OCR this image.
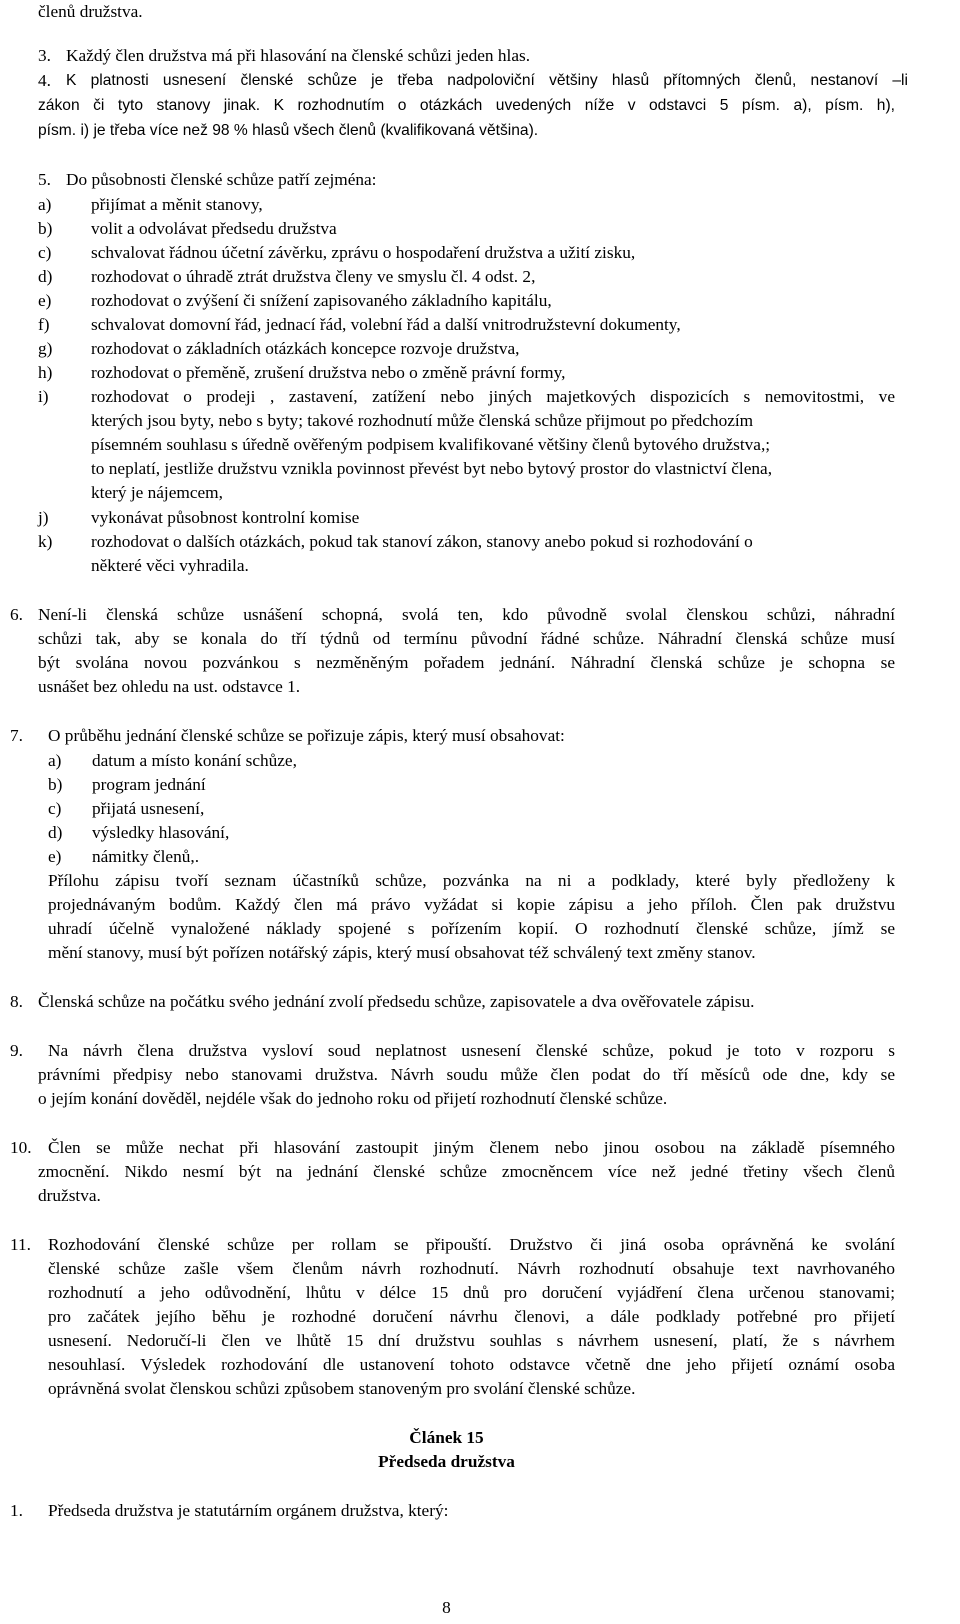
členů družstva.
3. Každý člen družstva má při hlasování na členské schůzi jeden hlas.
4. K platnosti usnesení členské schůze je třeba nadpoloviční většiny hlasů přítomných členů, nestanoví –li
zákon či tyto stanovy jinak. K rozhodnutím o otázkách uvedených níže v odstavci 5 písm. a), písm. h),
písm. i) je třeba více než 98 % hlasů všech členů (kvalifikovaná většina).
5. Do působnosti členské schůze patří zejména:
a) přijímat a měnit stanovy,
b) volit a odvolávat předsedu družstva
c) schvalovat řádnou účetní závěrku, zprávu o hospodaření družstva a užití zisku,
d) rozhodovat o úhradě ztrát družstva členy ve smyslu čl. 4 odst. 2,
e) rozhodovat o zvýšení či snížení zapisovaného základního kapitálu,
f) schvalovat domovní řád, jednací řád, volební řád a další vnitrodružstevní dokumenty,
g) rozhodovat o základních otázkách koncepce rozvoje družstva,
h) rozhodovat o přeměně, zrušení družstva nebo o změně právní formy,
i) rozhodovat o prodeji , zastavení, zatížení nebo jiných majetkových dispozicích s nemovitostmi, ve
kterých jsou byty, nebo s byty; takové rozhodnutí může členská schůze přijmout po předchozím
písemném souhlasu s úředně ověřeným podpisem kvalifikované většiny členů bytového družstva,;
to neplatí, jestliže družstvu vznikla povinnost převést byt nebo bytový prostor do vlastnictví člena,
který je nájemcem,
j) vykonávat působnost kontrolní komise
k) rozhodovat o dalších otázkách, pokud tak stanoví zákon, stanovy anebo pokud si rozhodování o
některé věci vyhradila.
6. Není-li členská schůze usnášení schopná, svolá ten, kdo původně svolal členskou schůzi, náhradní
schůzi tak, aby se konala do tří týdnů od termínu původní řádné schůze. Náhradní členská schůze musí
být svolána novou pozvánkou s nezměněným pořadem jednání. Náhradní členská schůze je schopna se
usnášet bez ohledu na ust. odstavce 1.
7. O průběhu jednání členské schůze se pořizuje zápis, který musí obsahovat:
a) datum a místo konání schůze,
b) program jednání
c) přijatá usnesení,
d) výsledky hlasování,
e) námitky členů,.
Přílohu zápisu tvoří seznam účastníků schůze, pozvánka na ni a podklady, které byly předloženy k
projednávaným bodům. Každý člen má právo vyžádat si kopie zápisu a jeho příloh. Člen pak družstvu
uhradí účelně vynaložené náklady spojené s pořízením kopií. O rozhodnutí členské schůze, jímž se
mění stanovy, musí být pořízen notářský zápis, který musí obsahovat též schválený text změny stanov.
8. Členská schůze na počátku svého jednání zvolí předsedu schůze, zapisovatele a dva ověřovatele zápisu.
9. Na návrh člena družstva vysloví soud neplatnost usnesení členské schůze, pokud je toto v rozporu s
právními předpisy nebo stanovami družstva. Návrh soudu může člen podat do tří měsíců ode dne, kdy se
o jejím konání dověděl, nejdéle však do jednoho roku od přijetí rozhodnutí členské schůze.
10. Člen se může nechat při hlasování zastoupit jiným členem nebo jinou osobou na základě písemného
zmocnění. Nikdo nesmí být na jednání členské schůze zmocněncem více než jedné třetiny všech členů
družstva.
11. Rozhodování členské schůze per rollam se připouští. Družstvo či jiná osoba oprávněná ke svolání
členské schůze zašle všem členům návrh rozhodnutí. Návrh rozhodnutí obsahuje text navrhovaného
rozhodnutí a jeho odůvodnění, lhůtu v délce 15 dnů pro doručení vyjádření člena určenou stanovami;
pro začátek jejího běhu je rozhodné doručení návrhu členovi, a dále podklady potřebné pro přijetí
usnesení. Nedoručí-li člen ve lhůtě 15 dní družstvu souhlas s návrhem usnesení, platí, že s návrhem
nesouhlasí. Výsledek rozhodování dle ustanovení tohoto odstavce včetně dne jeho přijetí oznámí osoba
oprávněná svolat členskou schůzi způsobem stanoveným pro svolání členské schůze.
Článek 15
Předseda družstva
1. Předseda družstva je statutárním orgánem družstva, který:
8
